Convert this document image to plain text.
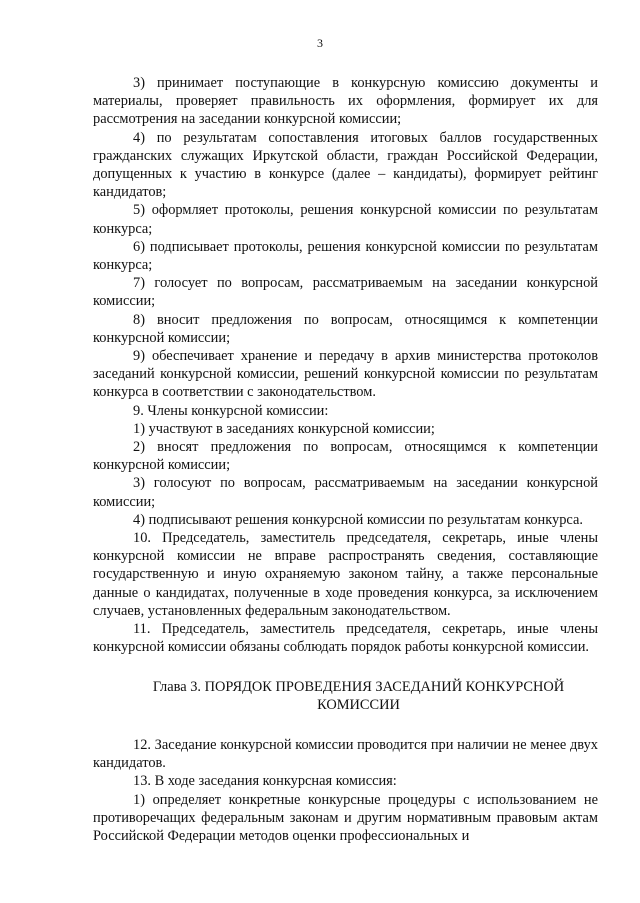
3

3) принимает поступающие в конкурсную комиссию документы и материалы, проверяет правильность их оформления, формирует их для рассмотрения на заседании конкурсной комиссии;

4) по результатам сопоставления итоговых баллов государственных гражданских служащих Иркутской области, граждан Российской Федерации, допущенных к участию в конкурсе (далее – кандидаты), формирует рейтинг кандидатов;

5) оформляет протоколы, решения конкурсной комиссии по результатам конкурса;

6) подписывает протоколы, решения конкурсной комиссии по результатам конкурса;

7) голосует по вопросам, рассматриваемым на заседании конкурсной комиссии;

8) вносит предложения по вопросам, относящимся к компетенции конкурсной комиссии;

9) обеспечивает хранение и передачу в архив министерства протоколов заседаний конкурсной комиссии, решений конкурсной комиссии по результатам конкурса в соответствии с законодательством.

9. Члены конкурсной комиссии:

1) участвуют в заседаниях конкурсной комиссии;

2) вносят предложения по вопросам, относящимся к компетенции конкурсной комиссии;

3) голосуют по вопросам, рассматриваемым на заседании конкурсной комиссии;

4) подписывают решения конкурсной комиссии по результатам конкурса.

10. Председатель, заместитель председателя, секретарь, иные члены конкурсной комиссии не вправе распространять сведения, составляющие государственную и иную охраняемую законом тайну, а также персональные данные о кандидатах, полученные в ходе проведения конкурса, за исключением случаев, установленных федеральным законодательством.

11. Председатель, заместитель председателя, секретарь, иные члены конкурсной комиссии обязаны соблюдать порядок работы конкурсной комиссии.

Глава 3. ПОРЯДОК ПРОВЕДЕНИЯ ЗАСЕДАНИЙ КОНКУРСНОЙ КОМИССИИ

12. Заседание конкурсной комиссии проводится при наличии не менее двух кандидатов.

13. В ходе заседания конкурсная комиссия:

1) определяет конкретные конкурсные процедуры с использованием не противоречащих федеральным законам и другим нормативным правовым актам Российской Федерации методов оценки профессиональных и
